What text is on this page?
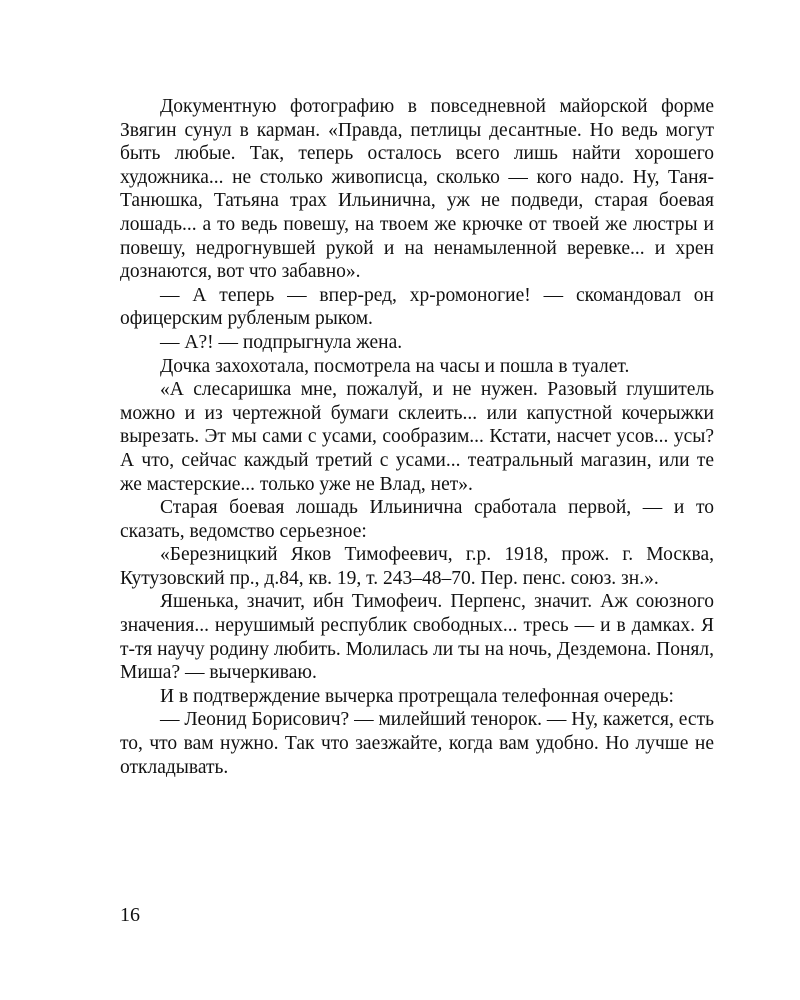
Документную фотографию в повседневной майорской форме Звягин сунул в карман. «Правда, петлицы десантные. Но ведь могут быть любые. Так, теперь осталось всего лишь найти хорошего художника... не столько живописца, сколько — кого надо. Ну, Таня-Танюшка, Татьяна трах Ильинична, уж не подведи, старая боевая лошадь... а то ведь повешу, на твоем же крючке от твоей же люстры и повешу, недрогнувшей рукой и на ненамыленной веревке... и хрен дознаются, вот что забавно».

— А теперь — впер-ред, хр-ромоногие! — скомандовал он офицерским рубленым рыком.

— А?! — подпрыгнула жена.

Дочка захохотала, посмотрела на часы и пошла в туалет.

«А слесаришка мне, пожалуй, и не нужен. Разовый глушитель можно и из чертежной бумаги склеить... или капустной кочерыжки вырезать. Эт мы сами с усами, сообразим... Кстати, насчет усов... усы? А что, сейчас каждый третий с усами... театральный магазин, или те же мастерские... только уже не Влад, нет».

Старая боевая лошадь Ильинична сработала первой, — и то сказать, ведомство серьезное:

«Березницкий Яков Тимофеевич, г.р. 1918, прож. г. Москва, Кутузовский пр., д.84, кв. 19, т. 243–48–70. Пер. пенс. союз. зн.».

Яшенька, значит, ибн Тимофеич. Перпенс, значит. Аж союзного значения... нерушимый республик свободных... тресь — и в дамках. Я т-тя научу родину любить. Молилась ли ты на ночь, Дездемона. Понял, Миша? — вычеркиваю.

И в подтверждение вычерка протрещала телефонная очередь:

— Леонид Борисович? — милейший тенорок. — Ну, кажется, есть то, что вам нужно. Так что заезжайте, когда вам удобно. Но лучше не откладывать.

16
